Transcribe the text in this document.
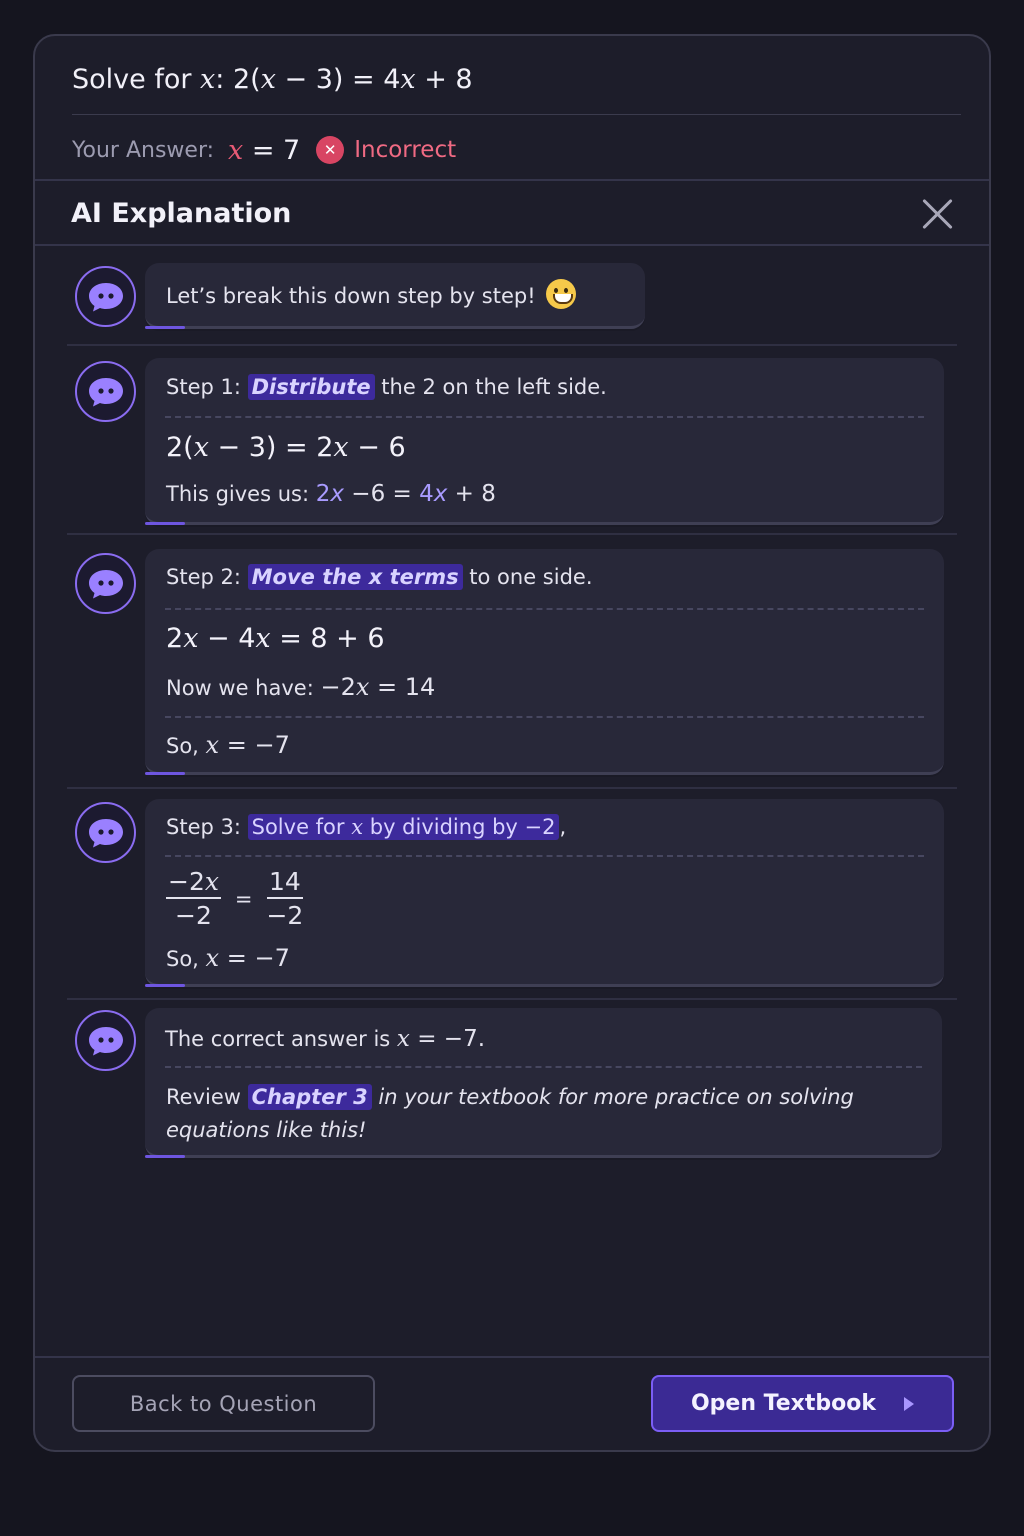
Solve for x: 2(x − 3) = 4x + 8
Your Answer: x = 7	✕ Incorrect
AI Explanation
Let’s break this down step by step!
Step 1: Distribute the 2 on the left side.
2(x − 3) = 2x − 6
This gives us: 2x −6 = 4x + 8
Step 2: Move the x terms to one side.
2x − 4x = 8 + 6
Now we have: −2x = 14
So, x = −7
Step 3: Solve for x by dividing by −2 ,
$\frac{-2x}{-2} = \frac{14}{-2}$
So, x = −7
The correct answer is x = −7.
Review Chapter 3 in your textbook for more practice on solving
equations like this!
Back to Question	Open Textbook
